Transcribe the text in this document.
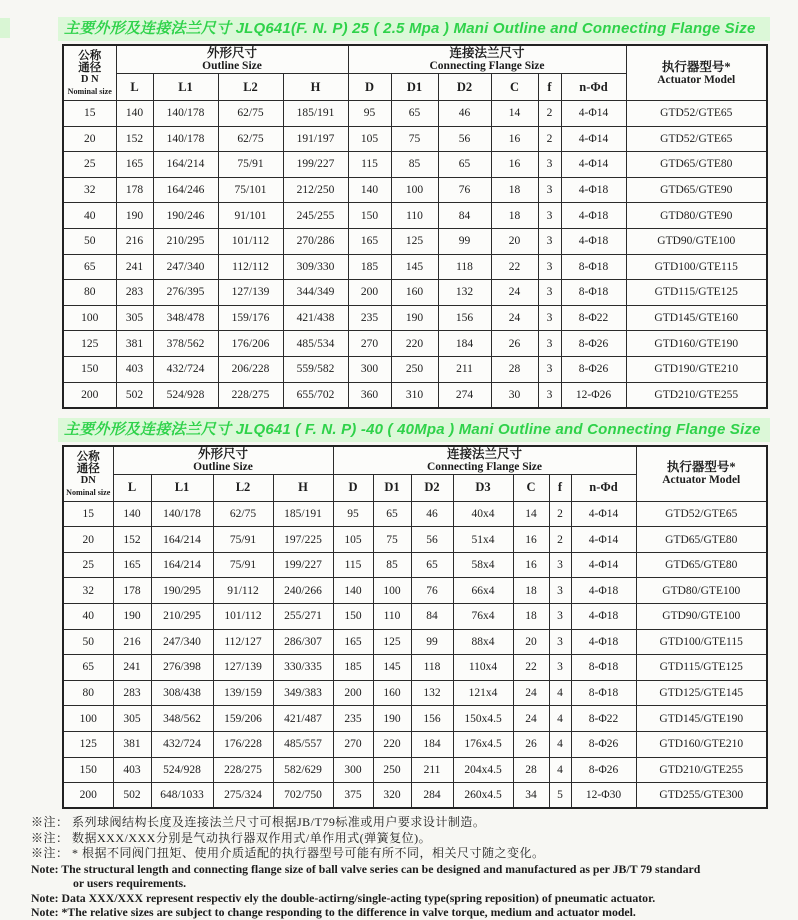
主要外形及连接法兰尺寸 JLQ641(F. N. P) 25 ( 2.5 Mpa ) Mani Outline and Connecting Flange Size
公称
通径
D N
Nominal size

外形尺寸
Outline Size

连接法兰尺寸
Connecting Flange Size	执行器型号*
Actuator Model

	L	L1	L2	H	D	D1	D2	C	f	n-Φd	
15	140	140/178	62/75	185/191	95	65	46	14	2	4-Φ14	GTD52/GTE65
20	152	140/178	62/75	191/197	105	75	56	16	2	4-Φ14	GTD52/GTE65
25	165	164/214	75/91	199/227	115	85	65	16	3	4-Φ14	GTD65/GTE80
32	178	164/246	75/101	212/250	140	100	76	18	3	4-Φ18	GTD65/GTE90
40	190	190/246	91/101	245/255	150	110	84	18	3	4-Φ18	GTD80/GTE90
50	216	210/295	101/112	270/286	165	125	99	20	3	4-Φ18	GTD90/GTE100
65	241	247/340	112/112	309/330	185	145	118	22	3	8-Φ18	GTD100/GTE115
80	283	276/395	127/139	344/349	200	160	132	24	3	8-Φ18	GTD115/GTE125
100	305	348/478	159/176	421/438	235	190	156	24	3	8-Φ22	GTD145/GTE160
125	381	378/562	176/206	485/534	270	220	184	26	3	8-Φ26	GTD160/GTE190
150	403	432/724	206/228	559/582	300	250	211	28	3	8-Φ26	GTD190/GTE210
200	502	524/928	228/275	655/702	360	310	274	30	3	12-Φ26	GTD210/GTE255
主要外形及连接法兰尺寸 JLQ641 ( F. N. P) -40 ( 40Mpa ) Mani Outline and Connecting Flange Size
公称
通径
DN
Nominal size

外形尺寸
Outline Size

连接法兰尺寸
Connecting Flange Size	执行器型号*
Actuator Model

	L	L1	L2	H	D	D1	D2	D3	C	f	n-Φd	
15	140	140/178	62/75	185/191	95	65	46	40x4	14	2	4-Φ14	GTD52/GTE65
20	152	164/214	75/91	197/225	105	75	56	51x4	16	2	4-Φ14	GTD65/GTE80
25	165	164/214	75/91	199/227	115	85	65	58x4	16	3	4-Φ14	GTD65/GTE80
32	178	190/295	91/112	240/266	140	100	76	66x4	18	3	4-Φ18	GTD80/GTE100
40	190	210/295	101/112	255/271	150	110	84	76x4	18	3	4-Φ18	GTD90/GTE100
50	216	247/340	112/127	286/307	165	125	99	88x4	20	3	4-Φ18	GTD100/GTE115
65	241	276/398	127/139	330/335	185	145	118	110x4	22	3	8-Φ18	GTD115/GTE125
80	283	308/438	139/159	349/383	200	160	132	121x4	24	4	8-Φ18	GTD125/GTE145
100	305	348/562	159/206	421/487	235	190	156	150x4.5	24	4	8-Φ22	GTD145/GTE190
125	381	432/724	176/228	485/557	270	220	184	176x4.5	26	4	8-Φ26	GTD160/GTE210
150	403	524/928	228/275	582/629	300	250	211	204x4.5	28	4	8-Φ26	GTD210/GTE255
200	502	648/1033	275/324	702/750	375	320	284	260x4.5	34	5	12-Φ30	GTD255/GTE300
※注： 系列球阀结构长度及连接法兰尺寸可根据JB/T79标准或用户要求设计制造。
※注： 数据XXX/XXX分别是气动执行器双作用式/单作用式(弹簧复位)。
※注： * 根据不同阀门扭矩、使用介质适配的执行器型号可能有所不同，相关尺寸随之变化。
Note: The structural length and connecting flange size of ball valve series can be designed and manufactured as per JB/T 79 standard
or users requirements.
Note: Data XXX/XXX represent respectiv ely the double-actirng/single-acting type(spring reposition) of pneumatic actuator.
Note: *The relative sizes are subject to change responding to the difference in valve torque, medium and actuator model.
